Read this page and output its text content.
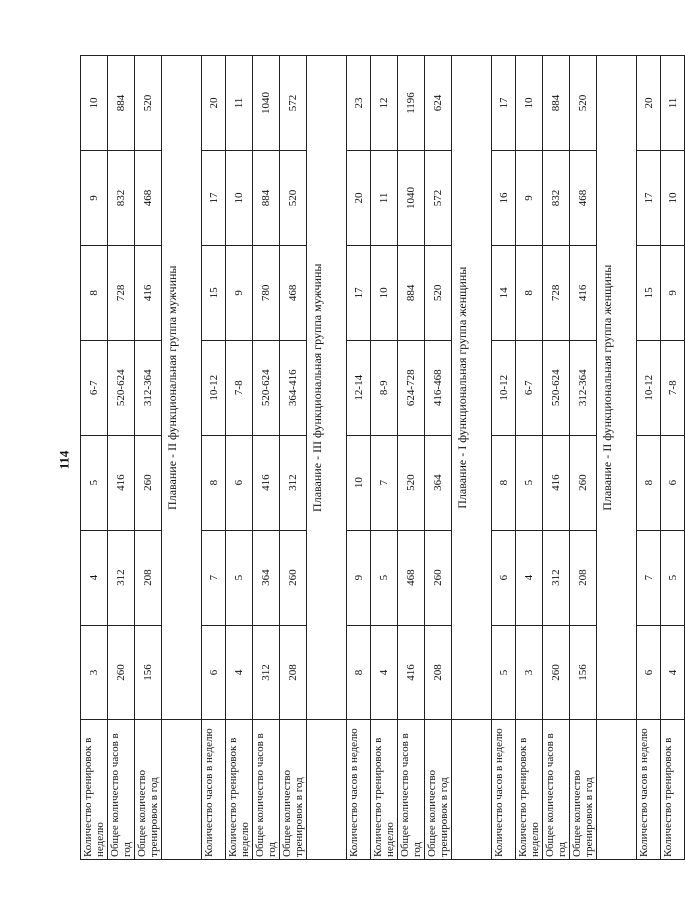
114
Количество тренировок в неделю	3	4	5	6-7	8	9	10
Общее количество часов в год	260	312	416	520-624	728	832	884
Общее количество тренировок в год	156	208	260	312-364	416	468	520
	Плавание - II функциональная группа мужчины						
Количество часов в неделю	6	7	8	10-12	15	17	20
Количество тренировок в неделю	4	5	6	7-8	9	10	11
Общее количество часов в год	312	364	416	520-624	780	884	1040
Общее количество тренировок в год	208	260	312	364-416	468	520	572
	Плавание - III функциональная группа мужчины						
Количество часов в неделю	8	9	10	12-14	17	20	23
Количество тренировок в неделю	4	5	7	8-9	10	11	12
Общее количество часов в год	416	468	520	624-728	884	1040	1196
Общее количество тренировок в год	208	260	364	416-468	520	572	624
	Плавание - I функциональная группа женщины						
Количество часов в неделю	5	6	8	10-12	14	16	17
Количество тренировок в неделю	3	4	5	6-7	8	9	10
Общее количество часов в год	260	312	416	520-624	728	832	884
Общее количество тренировок в год	156	208	260	312-364	416	468	520
	Плавание - II функциональная группа женщины						
Количество часов в неделю	6	7	8	10-12	15	17	20
Количество тренировок в	4	5	6	7-8	9	10	11
